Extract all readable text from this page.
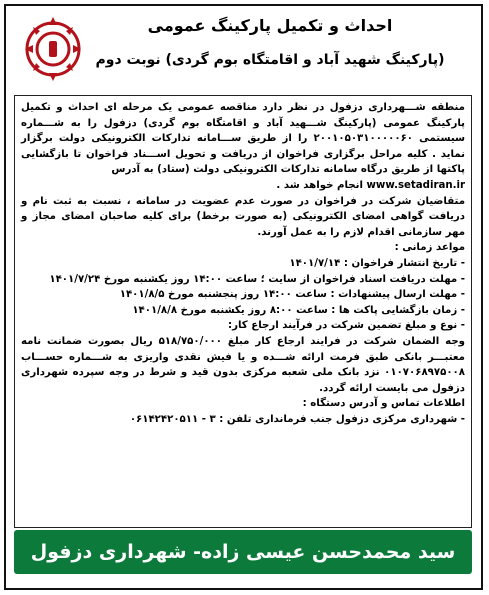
احداث و تکمیل پارکینگ عمومی
(پارکینگ شهید آباد و اقامتگاه بوم گردی) نوبت دوم

منطقه شـــهرداری دزفول در نظر دارد مناقصه عمومی یک مرحله ای احداث و تکمیل پارکینگ عمومی (پارکینگ شـــهید آباد و اقامتگاه بوم گردی) دزفول را به شـــماره سیستمی ۲۰۰۱۰۵۰۳۱۰۰۰۰۰۶۰ را از طریق ســـامانه تدارکات الکترونیکی دولت برگزار نماید . کلیه مراحل برگزاری فراخوان از دریافت و تحویل اســـناد فراخوان تا بازگشایی پاکتها از طریق درگاه سامانه تدارکات الکترونیکی دولت (ستاد) به آدرس

www.setadiran.ir انجام خواهد شد .

متقاضیان شرکت در فراخوان در صورت عدم عضویت در سامانه ، نسبت به ثبت نام و دریافت گواهی امضای الکترونیکی (به صورت برخط) برای کلیه صاحبان امضای مجاز و مهر سازمانی اقدام لازم را به عمل آورند.

مواعد زمانی :

- تاریخ انتشار فراخوان : ۱۴۰۱/۷/۱۴
- مهلت دریافت اسناد فراخوان از سایت ؛ ساعت ۱۴:۰۰ روز یکشنبه مورخ ۱۴۰۱/۷/۲۴
- مهلت ارسال پیشنهادات : ساعت ۱۴:۰۰ روز پنجشنبه مورخ ۱۴۰۱/۸/۵
- زمان بازگشایی پاکت ها : ساعت ۸:۰۰ روز یکشنبه مورخ ۱۴۰۱/۸/۸

- نوع و مبلغ تضمین شرکت در فرآیند ارجاع کار:

وجه الضمان شرکت در فرایند ارجاع کار مبلغ ۵۱۸/۷۵۰/۰۰۰ ریال بصورت ضمانت نامه معتبـــر بانکی طبق فرمت ارائه شـــده و یا فیش نقدی واریزی به شـــماره حســـاب ۰۱۰۷۰۶۸۹۷۵۰۰۸ نزد بانک ملی شعبه مرکزی بدون قید و شرط در وجه سپرده شهرداری دزفول می بایست ارائه گردد.

اطلاعات تماس و آدرس دستگاه :

- شهرداری مرکزی دزفول جنب فرمانداری تلفن : ۳ - ۰۶۱۴۲۴۲۰۵۱۱

سید محمدحسن عیسی زاده- شهرداری دزفول
